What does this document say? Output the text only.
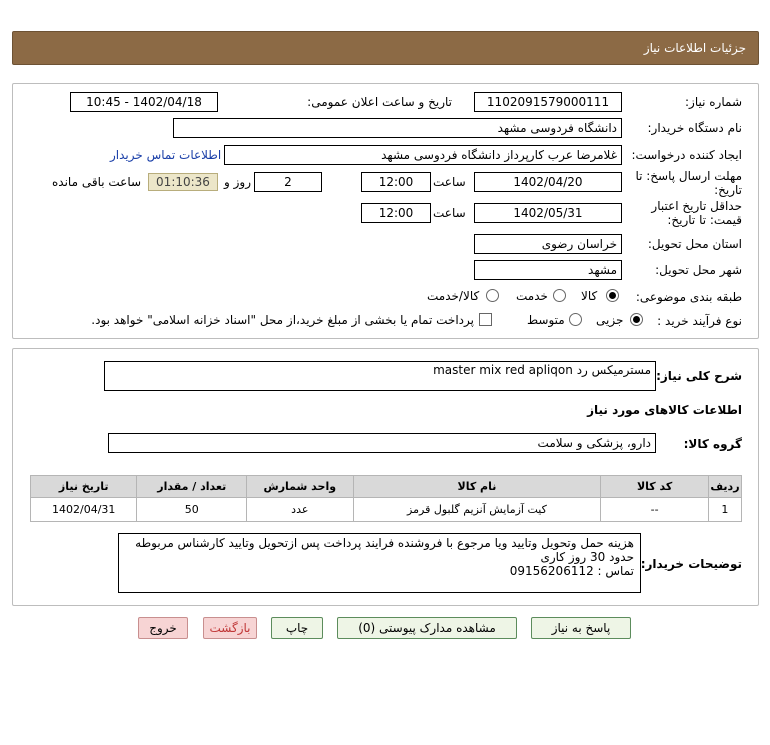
جزئیات اطلاعات نیاز
شماره نیاز:
1102091579000111
تاریخ و ساعت اعلان عمومی:
1402/04/18 - 10:45
نام دستگاه خریدار:
دانشگاه فردوسی مشهد
ایجاد کننده درخواست:
غلامرضا عرب کارپرداز دانشگاه فردوسی مشهد
اطلاعات تماس خریدار
مهلت ارسال پاسخ: تا
تاریخ:
1402/04/20
ساعت
12:00
2
روز و
01:10:36
ساعت باقی مانده
حداقل تاریخ اعتبار
قیمت: تا تاریخ:
1402/05/31
ساعت
12:00
استان محل تحویل:
خراسان رضوی
شهر محل تحویل:
مشهد
طبقه بندی موضوعی:
کالا
خدمت
کالا/خدمت
نوع فرآیند خرید :
جزیی
متوسط
پرداخت تمام یا بخشی از مبلغ خرید،از محل "اسناد خزانه اسلامی" خواهد بود.
شرح کلی نیاز:
مسترمیکس رد master mix red apliqon
اطلاعات کالاهای مورد نیاز
گروه کالا:
دارو، پزشکی و سلامت
ردیف	کد کالا	نام کالا	واحد شمارش	تعداد / مقدار	تاریخ نیاز
1	--	کیت آزمایش آنزیم گلبول قرمز	عدد	50	1402/04/31
توضیحات خریدار:
هزینه حمل وتحویل وتایید ویا مرجوع با فروشنده فرایند پرداخت پس ازتحویل وتایید کارشناس مربوطه
حدود 30 روز کاری
تماس : 09156206112
پاسخ به نیاز
مشاهده مدارک پیوستی (0)
چاپ
بازگشت
خروج
